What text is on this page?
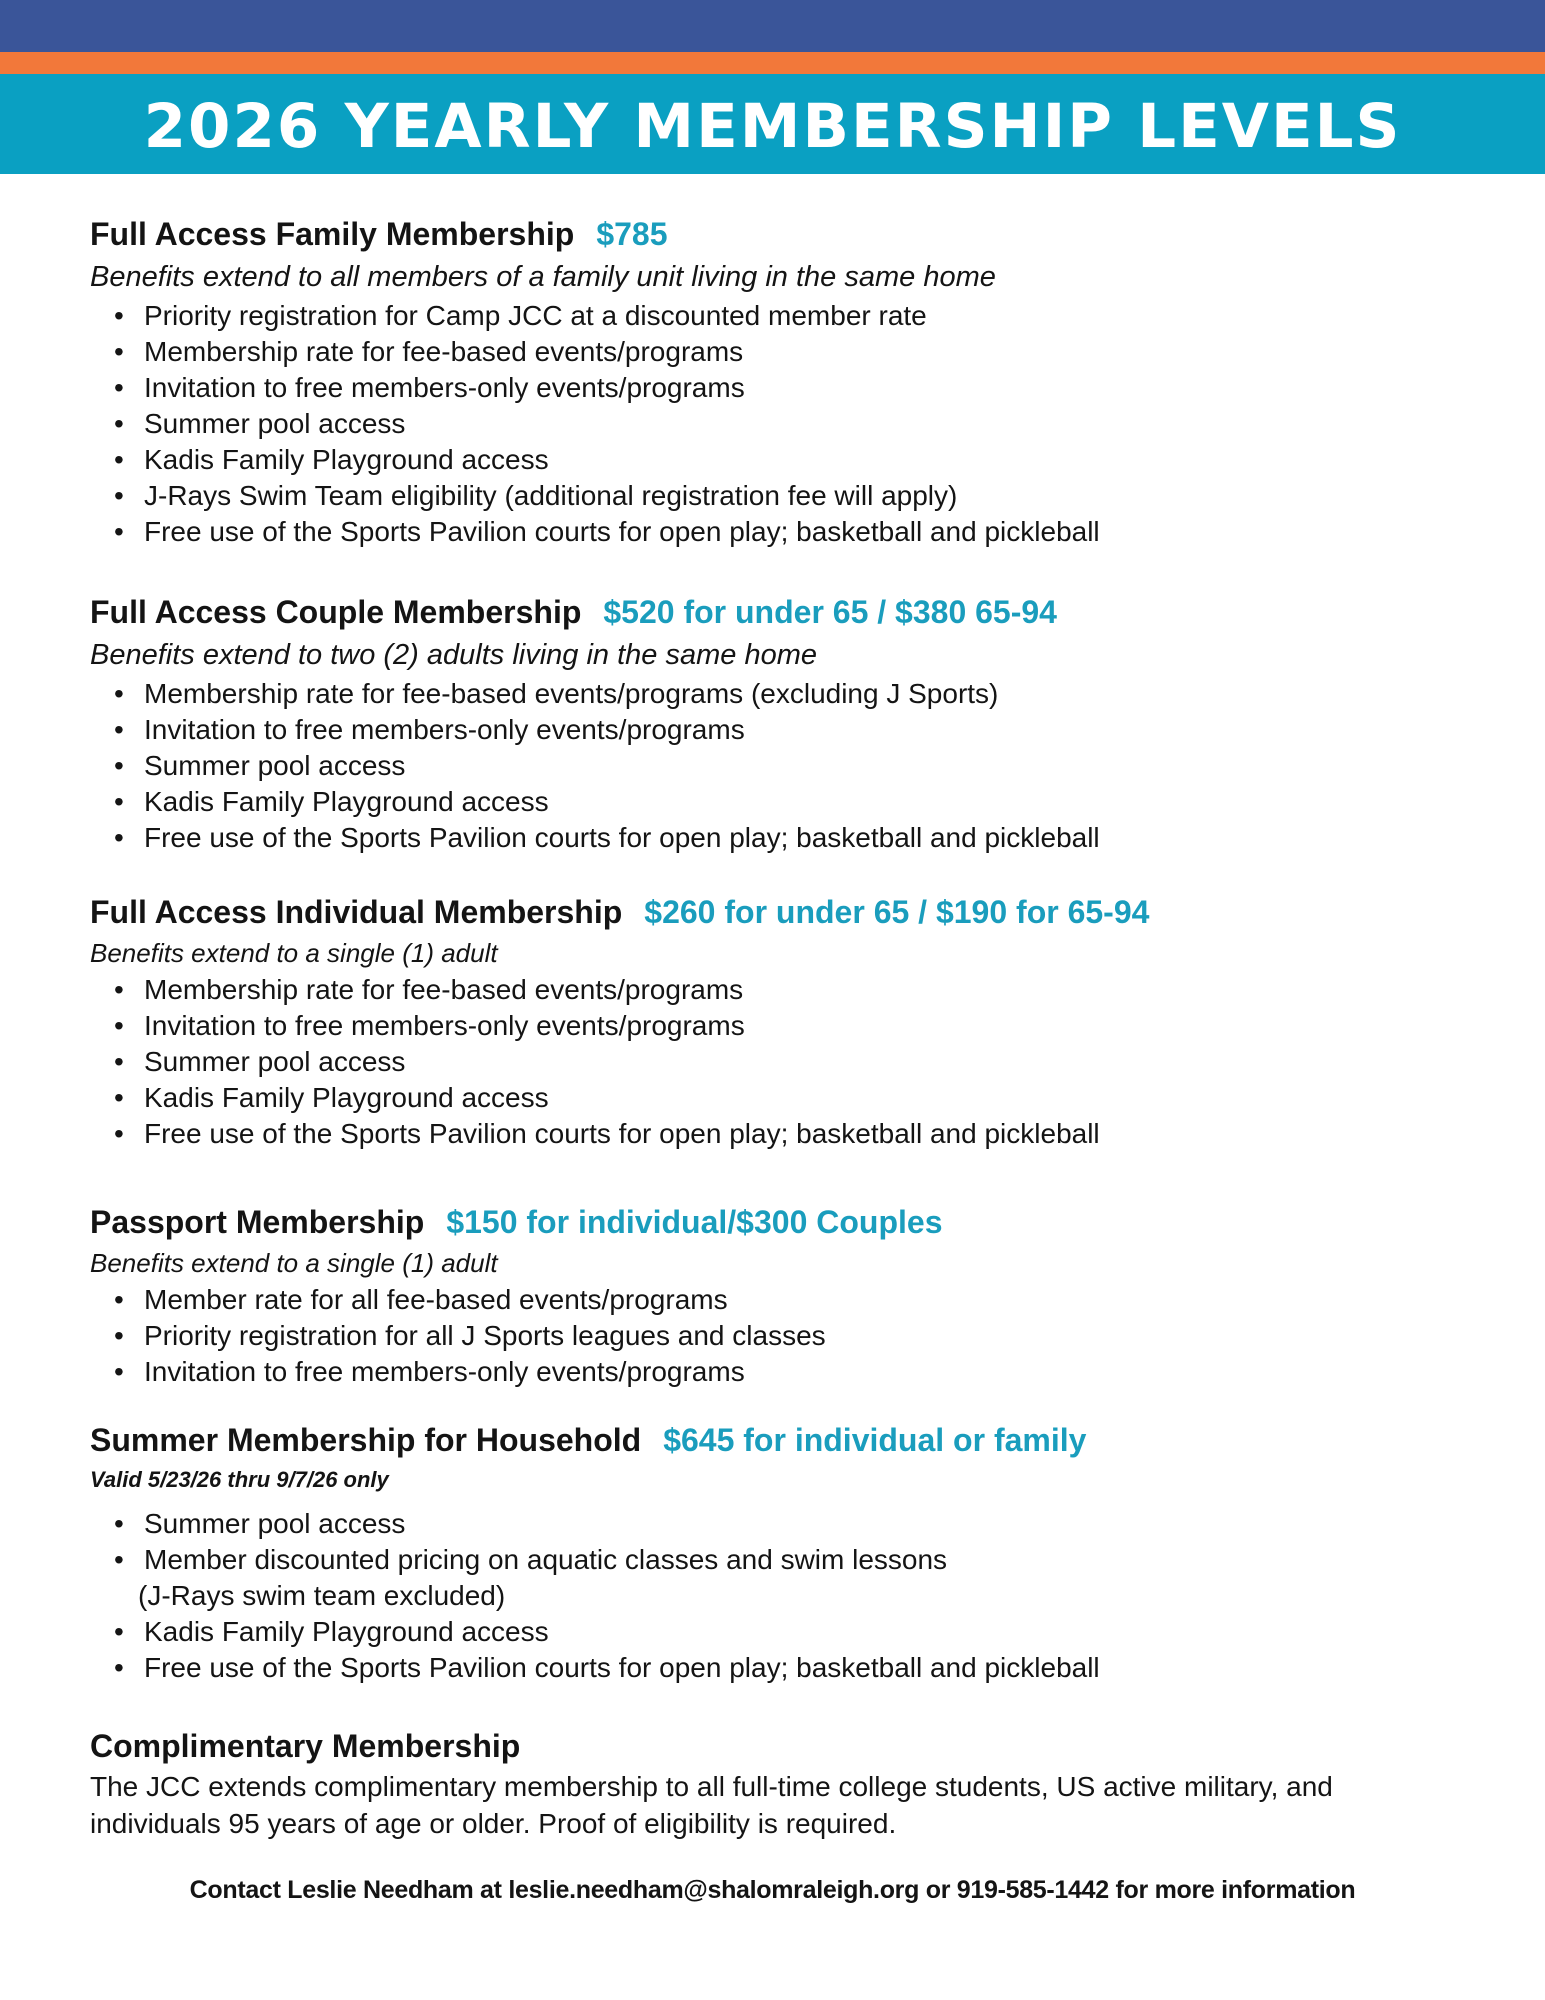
2026 YEARLY MEMBERSHIP LEVELS
Full Access Family Membership $785
Benefits extend to all members of a family unit living in the same home
• Priority registration for Camp JCC at a discounted member rate
• Membership rate for fee-based events/programs
• Invitation to free members-only events/programs
• Summer pool access
• Kadis Family Playground access
• J-Rays Swim Team eligibility (additional registration fee will apply)
• Free use of the Sports Pavilion courts for open play; basketball and pickleball
Full Access Couple Membership $520 for under 65 / $380 65-94
Benefits extend to two (2) adults living in the same home
• Membership rate for fee-based events/programs (excluding J Sports)
• Invitation to free members-only events/programs
• Summer pool access
• Kadis Family Playground access
• Free use of the Sports Pavilion courts for open play; basketball and pickleball
Full Access Individual Membership $260 for under 65 / $190 for 65-94
Benefits extend to a single (1) adult
• Membership rate for fee-based events/programs
• Invitation to free members-only events/programs
• Summer pool access
• Kadis Family Playground access
• Free use of the Sports Pavilion courts for open play; basketball and pickleball
Passport Membership $150 for individual/$300 Couples
Benefits extend to a single (1) adult
• Member rate for all fee-based events/programs
• Priority registration for all J Sports leagues and classes
• Invitation to free members-only events/programs
Summer Membership for Household $645 for individual or family
Valid 5/23/26 thru 9/7/26 only
• Summer pool access
• Member discounted pricing on aquatic classes and swim lessons
(J-Rays swim team excluded)
• Kadis Family Playground access
• Free use of the Sports Pavilion courts for open play; basketball and pickleball
Complimentary Membership
The JCC extends complimentary membership to all full-time college students, US active military, and individuals 95 years of age or older. Proof of eligibility is required.
Contact Leslie Needham at leslie.needham@shalomraleigh.org or 919-585-1442 for more information
